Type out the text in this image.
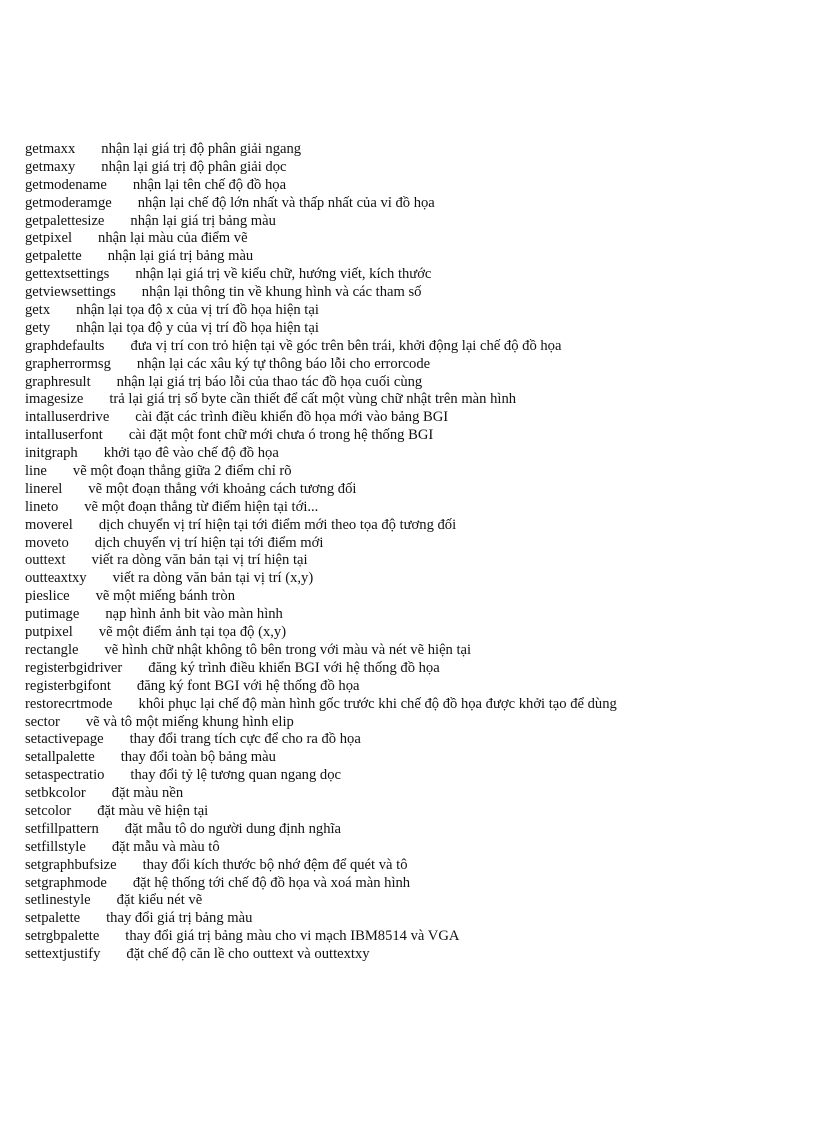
getmaxx nhận lại giá trị độ phân giải ngang
getmaxy nhận lại giá trị độ phân giải dọc
getmodename nhận lại tên chế độ đồ họa
getmoderamge nhận lại chế độ lớn nhất và thấp nhất của vỉ đồ họa
getpalettesize nhận lại giá trị bảng màu
getpixel nhận lại màu của điểm vẽ
getpalette nhận lại giá trị bảng màu
gettextsettings nhận lại giá trị về kiểu chữ, hướng viết, kích thước
getviewsettings nhận lại thông tin về khung hình và các tham số
getx nhận lại tọa độ x của vị trí đồ họa hiện tại
gety nhận lại tọa độ y của vị trí đồ họa hiện tại
graphdefaults đưa vị trí con trỏ hiện tại về góc trên bên trái, khởi động lại chế độ đồ họa
grapherrormsg nhận lại các xâu ký tự thông báo lỗi cho errorcode
graphresult nhận lại giá trị báo lỗi của thao tác đồ họa cuối cùng
imagesize trả lại giá trị số byte cần thiết để cất một vùng chữ nhật trên màn hình
intalluserdrive cài đặt các trình điều khiển đồ họa mới vào bảng BGI
intalluserfont cài đặt một font chữ mới chưa ó trong hệ thống BGI
initgraph khởi tạo đê vào chế độ đồ họa
line vẽ một đoạn thẳng giữa 2 điểm chỉ rõ
linerel vẽ một đoạn thẳng với khoảng cách tương đối
lineto vẽ một đoạn thẳng từ điểm hiện tại tới...
moverel dịch chuyển vị trí hiện tại tới điểm mới theo tọa độ tương đối
moveto dịch chuyển vị trí hiện tại tới điểm mới
outtext viết ra dòng văn bản tại vị trí hiện tại
outteaxtxy viết ra dòng văn bản tại vị trí (x,y)
pieslice vẽ một miếng bánh tròn
putimage nạp hình ảnh bit vào màn hình
putpixel vẽ một điểm ảnh tại tọa độ (x,y)
rectangle vẽ hình chữ nhật không tô bên trong với màu và nét vẽ hiện tại
registerbgidriver đăng ký trình điều khiển BGI với hệ thống đồ họa
registerbgifont đăng ký font BGI với hệ thống đồ họa
restorecrtmode khôi phục lại chế độ màn hình gốc trước khi chế độ đồ họa được khởi tạo để dùng
sector vẽ và tô một miếng khung hình elip
setactivepage thay đổi trang tích cực để cho ra đồ họa
setallpalette thay đổi toàn bộ bảng màu
setaspectratio thay đổi tỷ lệ tương quan ngang dọc
setbkcolor đặt màu nền
setcolor đặt màu vẽ hiện tại
setfillpattern đặt mẫu tô do người dung định nghĩa
setfillstyle đặt mẫu và màu tô
setgraphbufsize thay đổi kích thước bộ nhớ đệm để quét và tô
setgraphmode đặt hệ thống tới chế độ đồ họa và xoá màn hình
setlinestyle đặt kiểu nét vẽ
setpalette thay đổi giá trị bảng màu
setrgbpalette thay đổi giá trị bảng màu cho vi mạch IBM8514 và VGA
settextjustify đặt chế độ căn lề cho outtext và outtextxy
